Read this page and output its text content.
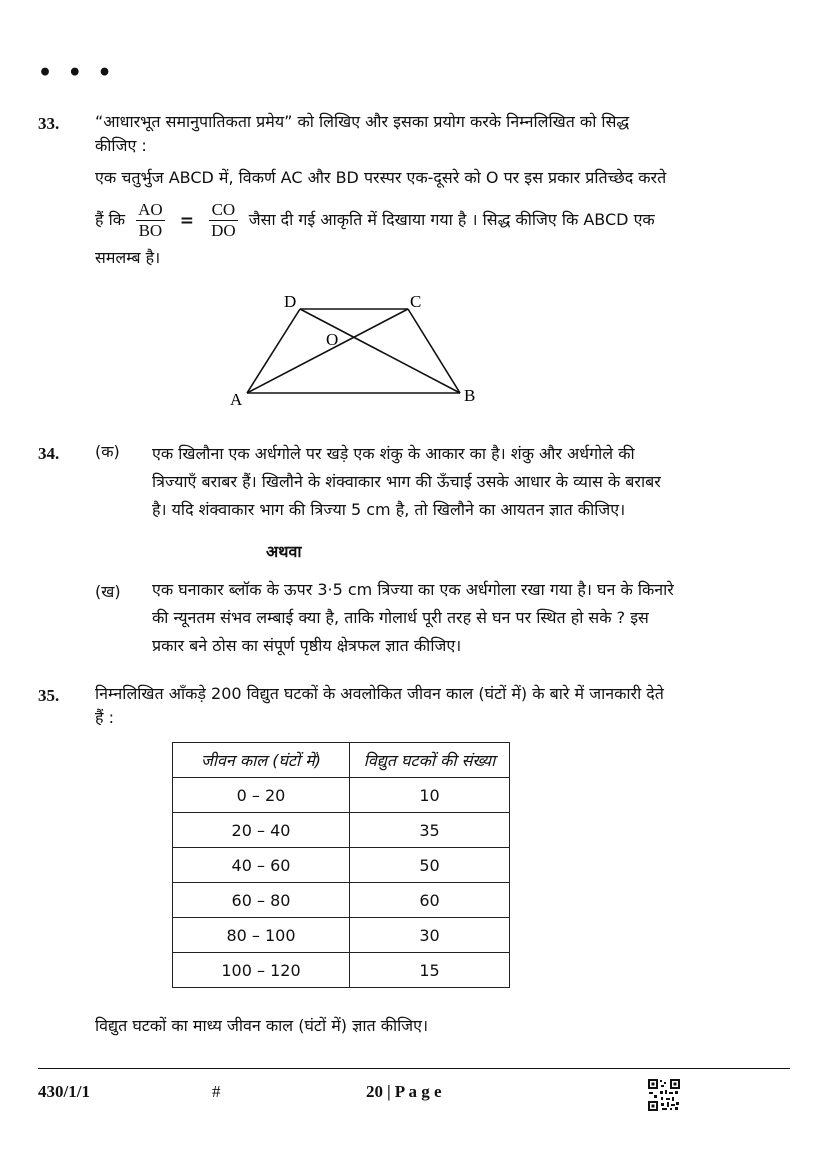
• • •
33. “आधारभूत समानुपातिकता प्रमेय” को लिखिए और इसका प्रयोग करके निम्नलिखित को सिद्ध
कीजिए :
एक चतुर्भुज ABCD में, विकर्ण AC और BD परस्पर एक-दूसरे को O पर इस प्रकार प्रतिच्छेद करते
हैं कि $\frac{AO}{BO} = \frac{CO}{DO}$ जैसा दी गई आकृति में दिखाया गया है । सिद्ध कीजिए कि ABCD एक
समलम्ब है।
A	B
C
D
O
34. (क) एक खिलौना एक अर्धगोले पर खड़े एक शंकु के आकार का है। शंकु और अर्धगोले की
त्रिज्याएँ बराबर हैं। खिलौने के शंक्वाकार भाग की ऊँचाई उसके आधार के व्यास के बराबर
है। यदि शंक्वाकार भाग की त्रिज्या 5 cm है, तो खिलौने का आयतन ज्ञात कीजिए।
अथवा
(ख) एक घनाकार ब्लॉक के ऊपर 3·5 cm त्रिज्या का एक अर्धगोला रखा गया है। घन के किनारे
की न्यूनतम संभव लम्बाई क्या है, ताकि गोलार्ध पूरी तरह से घन पर स्थित हो सके ? इस
प्रकार बने ठोस का संपूर्ण पृष्ठीय क्षेत्रफल ज्ञात कीजिए।
35. निम्नलिखित आँकड़े 200 विद्युत घटकों के अवलोकित जीवन काल (घंटों में) के बारे में जानकारी देते
हैं :
जीवन काल (घंटों में)	विद्युत घटकों की संख्या
0 – 20	10
20 – 40	35
40 – 60	50
60 – 80	60
80 – 100	30
100 – 120	15
विद्युत घटकों का माध्य जीवन काल (घंटों में) ज्ञात कीजिए।
430/1/1	#	20 | P a g e
